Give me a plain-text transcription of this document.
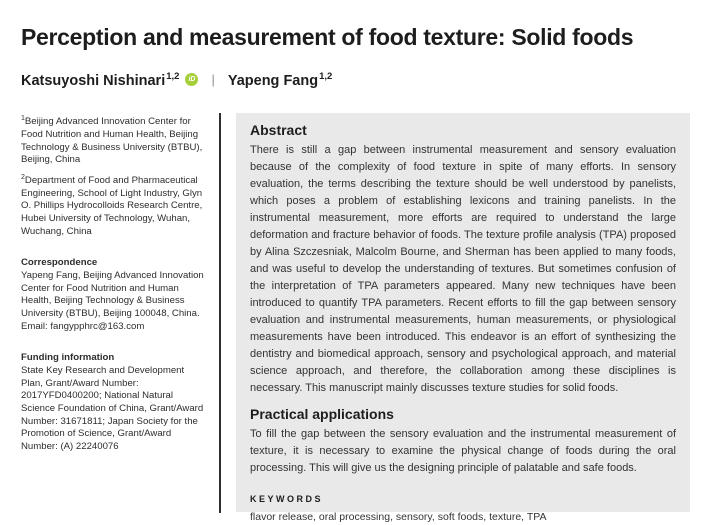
Perception and measurement of food texture: Solid foods
Katsuyoshi Nishinari$^{1,2}$ iD | Yapeng Fang$^{1,2}$

$^1$Beijing Advanced Innovation Center for Food Nutrition and Human Health, Beijing Technology & Business University (BTBU), Beijing, China

$^2$Department of Food and Pharmaceutical Engineering, School of Light Industry, Glyn O. Phillips Hydrocolloids Research Centre, Hubei University of Technology, Wuhan, Wuchang, China

Correspondence

Yapeng Fang, Beijing Advanced Innovation Center for Food Nutrition and Human Health, Beijing Technology & Business University (BTBU), Beijing 100048, China.

Email: fangypphrc@163.com

Funding information

State Key Research and Development Plan, Grant/Award Number: 2017YFD0400200; National Natural Science Foundation of China, Grant/Award Number: 31671811; Japan Society for the Promotion of Science, Grant/Award Number: (A) 22240076

Abstract

There is still a gap between instrumental measurement and sensory evaluation because of the complexity of food texture in spite of many efforts. In sensory evaluation, the terms describing the texture should be well understood by panelists, which poses a problem of establishing lexicons and training panelists. In the instrumental measurement, more efforts are required to understand the large deformation and fracture behavior of foods. The texture profile analysis (TPA) proposed by Alina Szczesniak, Malcolm Bourne, and Sherman has been applied to many foods, and was useful to develop the understanding of textures. But sometimes confusion of the interpretation of TPA parameters appeared. Many new techniques have been introduced to quantify TPA parameters. Recent efforts to fill the gap between sensory evaluation and instrumental measurements, human measurements, or physiological measurements have been introduced. This endeavor is an effort of synthesizing the dentistry and biomedical approach, sensory and psychological approach, and material science approach, and therefore, the collaboration among these disciplines is necessary. This manuscript mainly discusses texture studies for solid foods.

Practical applications

To fill the gap between the sensory evaluation and the instrumental measurement of texture, it is necessary to examine the physical change of foods during the oral processing. This will give us the designing principle of palatable and safe foods.

KEYWORDS

flavor release, oral processing, sensory, soft foods, texture, TPA
